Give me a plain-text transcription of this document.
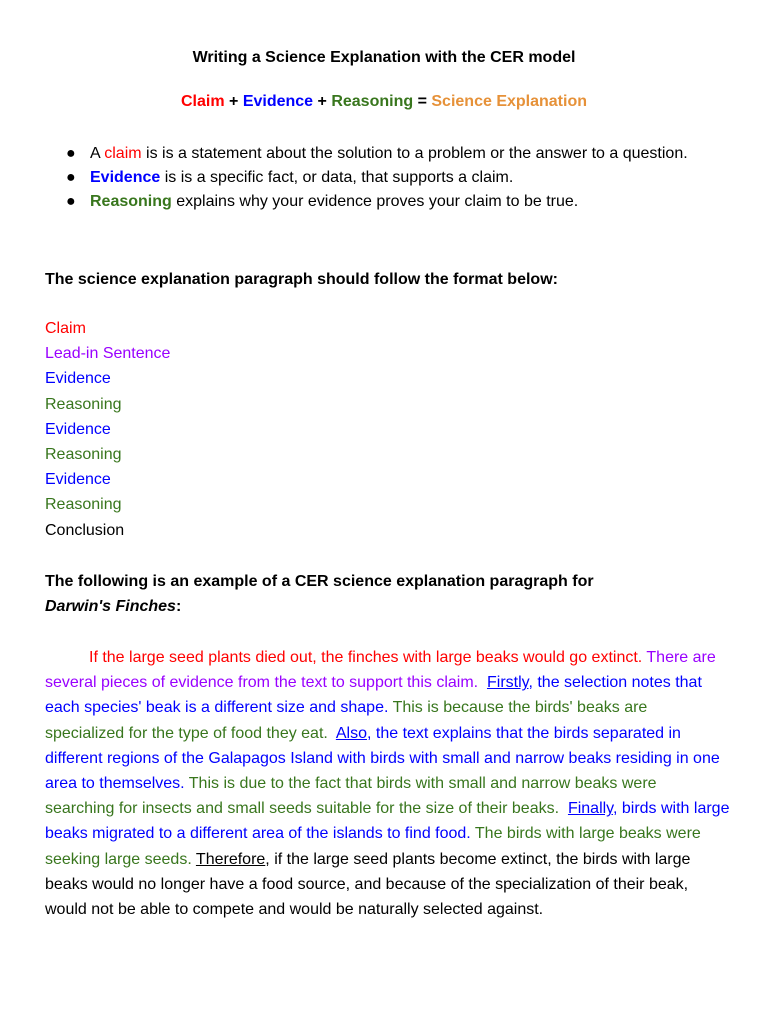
Writing a Science Explanation with the CER model
Claim + Evidence + Reasoning = Science Explanation
● A claim is is a statement about the solution to a problem or the answer to a question.
● Evidence is is a specific fact, or data, that supports a claim.
● Reasoning explains why your evidence proves your claim to be true.
The science explanation paragraph should follow the format below:
Claim
Lead-in Sentence
Evidence
Reasoning
Evidence
Reasoning
Evidence
Reasoning
Conclusion
The following is an example of a CER science explanation paragraph for
Darwin's Finches:
If the large seed plants died out, the finches with large beaks would go extinct. There are several pieces of evidence from the text to support this claim. Firstly, the selection notes that each species' beak is a different size and shape. This is because the birds' beaks are specialized for the type of food they eat. Also, the text explains that the birds separated in different regions of the Galapagos Island with birds with small and narrow beaks residing in one area to themselves. This is due to the fact that birds with small and narrow beaks were searching for insects and small seeds suitable for the size of their beaks. Finally, birds with large beaks migrated to a different area of the islands to find food. The birds with large beaks were seeking large seeds. Therefore, if the large seed plants become extinct, the birds with large beaks would no longer have a food source, and because of the specialization of their beak, would not be able to compete and would be naturally selected against.
